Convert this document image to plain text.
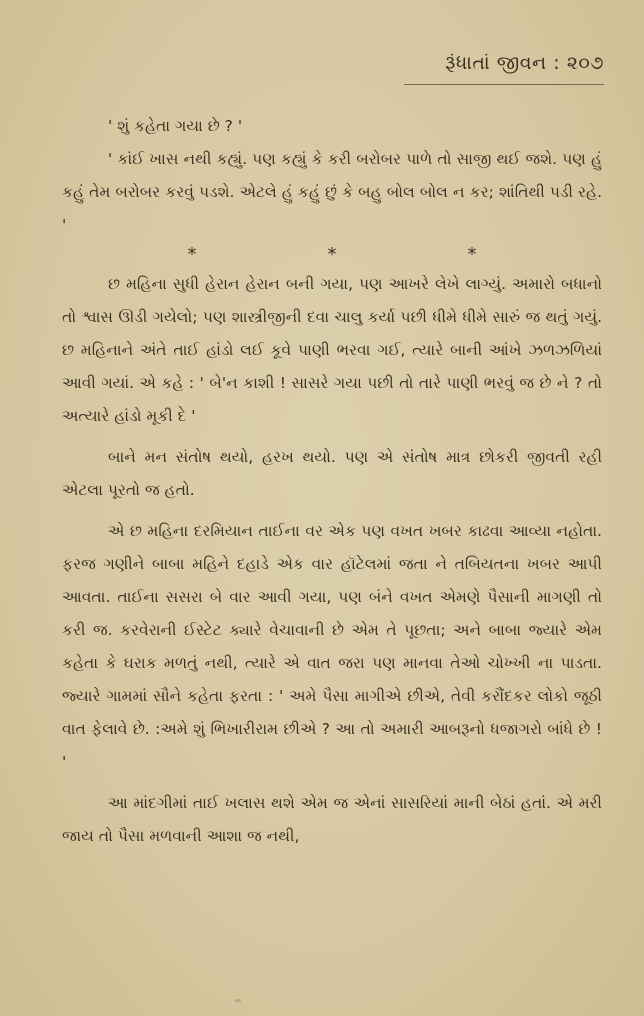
રૂંધાતાં જીવન : ૨૦૭

' શું કહેતા ગયા છે ? '

' કાંઈ ખાસ નથી કહ્યું. પણ કહ્યું કે કરી બરોબર પાળે તો સાજી થઈ જશે. પણ હું કહું તેમ બરોબર કરવું પડશે. એટલે હું કહું છું કે બહુ બોલ બોલ ન કર; શાંતિથી પડી રહે. '

*	*	*

છ મહિના સુધી હેરાન હેરાન બની ગયા, પણ આખરે લેખે લાગ્યું. અમારો બધાનો તો શ્વાસ ઊડી ગયેલો; પણ શાસ્ત્રીજીની દવા ચાલુ કર્યા પછી ધીમે ધીમે સારું જ થતું ગયું. છ મહિનાને અંતે તાઈ હાંડો લઈ કૂવે પાણી ભરવા ગઈ, ત્યારે બાની આંખે ઝળઝળિયાં આવી ગયાં. એ કહે : ' બે'ન કાશી ! સાસરે ગયા પછી તો તારે પાણી ભરવું જ છે ને ? તો અત્યારે હાંડો મૂકી દે '

બાને મન સંતોષ થયો, હરખ થયો. પણ એ સંતોષ માત્ર છોકરી જીવતી રહી એટલા પૂરતો જ હતો.

એ છ મહિના દરમિયાન તાઈના વર એક પણ વખત ખબર કાઢવા આવ્યા નહોતા. ફરજ ગણીને બાબા મહિને દહાડે એક વાર હૉટેલમાં જતા ને તબિયતના ખબર આપી આવતા. તાઈના સસરા બે વાર આવી ગયા, પણ બંને વખત એમણે પૈસાની માગણી તો કરી જ. કરવેરાની ઈસ્ટેટ ક્યારે વેચાવાની છે એમ તે પૂછતા; અને બાબા જ્યારે એમ કહેતા કે ઘરાક મળતું નથી, ત્યારે એ વાત જરા પણ માનવા તેઓ ચોખ્ખી ના પાડતા. જ્યારે ગામમાં સૌને કહેતા ફરતા : ' અમે પૈસા માગીએ છીએ, તેવી કરૌંદકર લોકો જૂઠી વાત ફેલાવે છે. :અમે શું ભિખારીરામ છીએ ? આ તો અમારી આબરૂનો ધજાગરો બાંધે છે ! '

આ માંદગીમાં તાઈ ખલાસ થશે એમ જ એનાં સાસરિયાં માની બેઠાં હતાં. એ મરી જાય તો પૈસા મળવાની આશા જ નથી,
